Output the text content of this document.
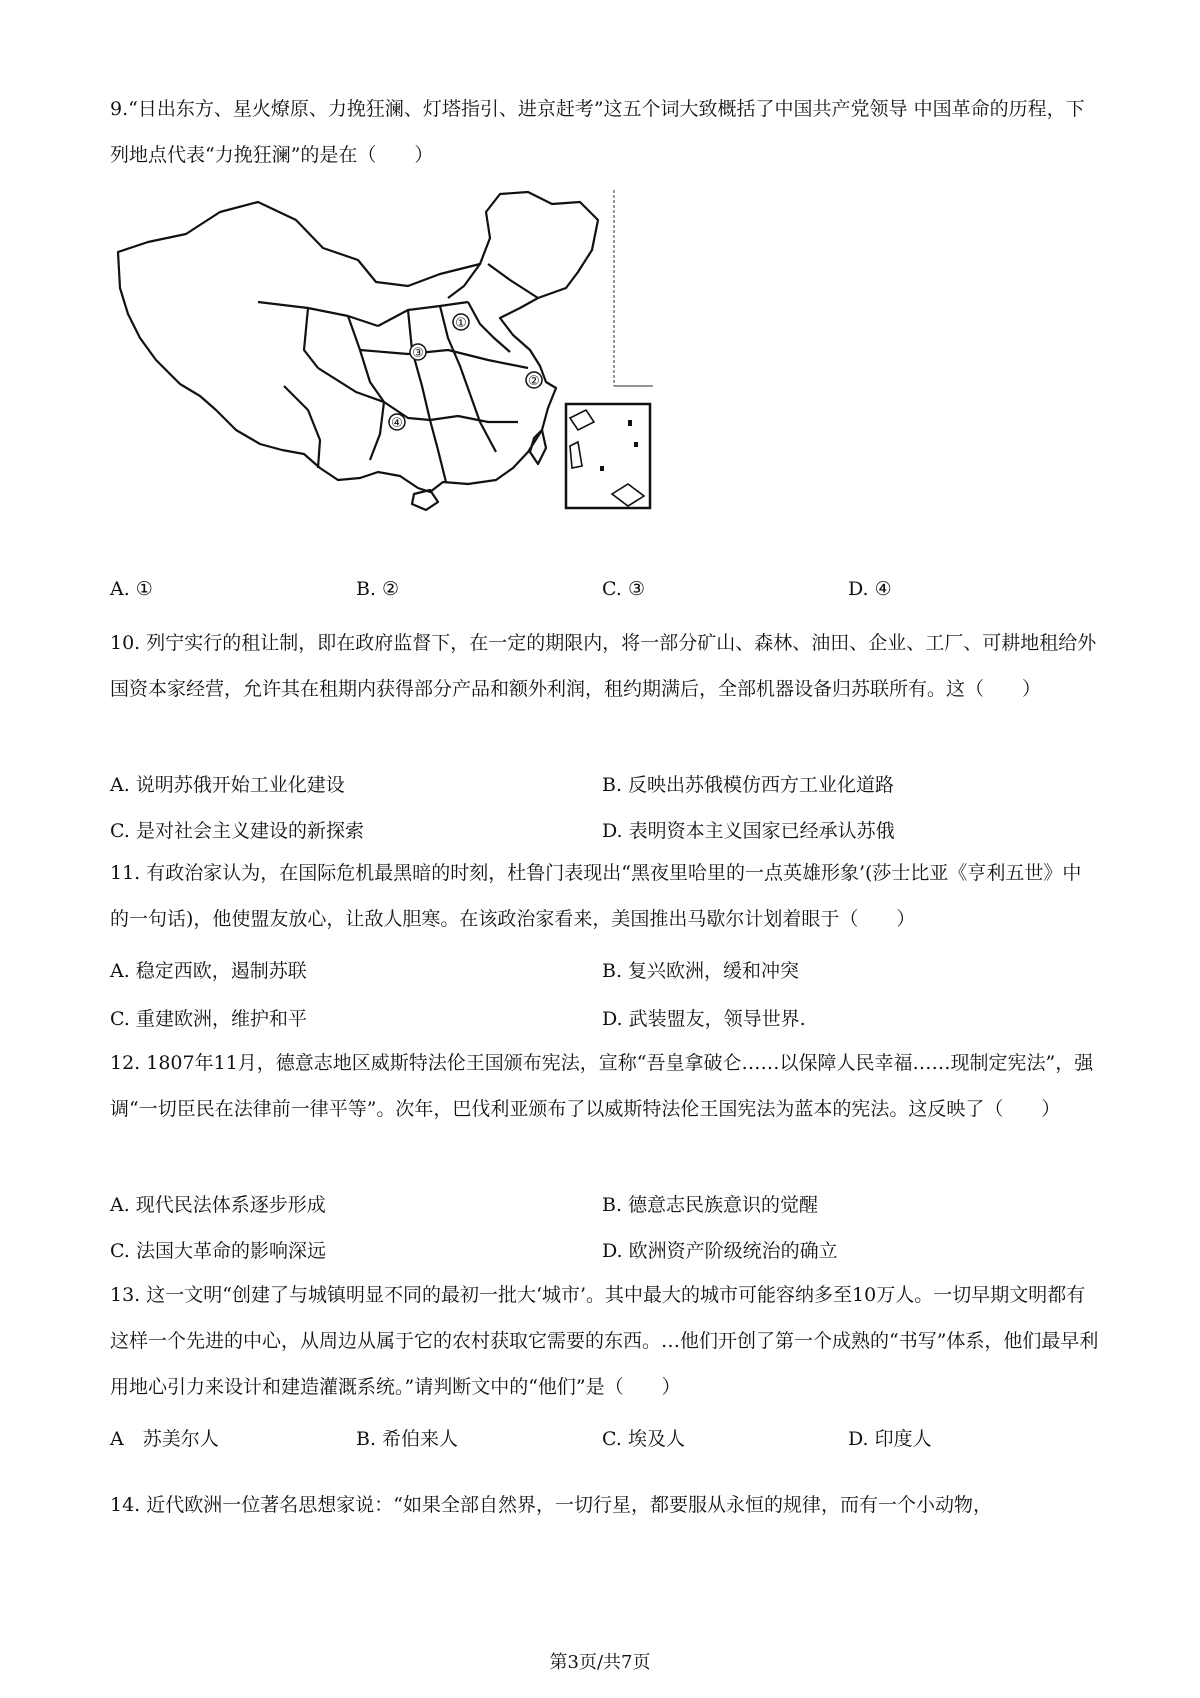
9.“日出东方、星火燎原、力挽狂澜、灯塔指引、进京赶考”这五个词大致概括了中国共产党领导 中国革命的历程，下列地点代表“力挽狂澜”的是在（　　）
①
②
③
④
A. ①	B. ②	C. ③	D. ④
10. 列宁实行的租让制，即在政府监督下，在一定的期限内，将一部分矿山、森林、油田、企业、工厂、可耕地租给外国资本家经营，允许其在租期内获得部分产品和额外利润，租约期满后，全部机器设备归苏联所有。这（　　）
A. 说明苏俄开始工业化建设	B. 反映出苏俄模仿西方工业化道路
C. 是对社会主义建设的新探索	D. 表明资本主义国家已经承认苏俄
11. 有政治家认为，在国际危机最黑暗的时刻，杜鲁门表现出“黑夜里哈里的一点英雄形象’(莎士比亚《亨利五世》中的一句话)，他使盟友放心，让敌人胆寒。在该政治家看来，美国推出马歇尔计划着眼于（　　）
A. 稳定西欧，遏制苏联	B. 复兴欧洲，缓和冲突
C. 重建欧洲，维护和平	D. 武装盟友，领导世界.
12. 1807年11月，德意志地区威斯特法伦王国颁布宪法，宣称“吾皇拿破仑……以保障人民幸福……现制定宪法”，强调“一切臣民在法律前一律平等”。次年，巴伐利亚颁布了以威斯特法伦王国宪法为蓝本的宪法。这反映了（　　）
A. 现代民法体系逐步形成	B. 德意志民族意识的觉醒
C. 法国大革命的影响深远	D. 欧洲资产阶级统治的确立
13. 这一文明“创建了与城镇明显不同的最初一批大‘城市’。其中最大的城市可能容纳多至10万人。一切早期文明都有这样一个先进的中心，从周边从属于它的农村获取它需要的东西。…他们开创了第一个成熟的“书写”体系，他们最早利用地心引力来设计和建造灌溉系统。”请判断文中的“他们”是（　　）
A　苏美尔人	B. 希伯来人	C. 埃及人	D. 印度人
14. 近代欧洲一位著名思想家说：“如果全部自然界，一切行星，都要服从永恒的规律，而有一个小动物，
第3页/共7页
